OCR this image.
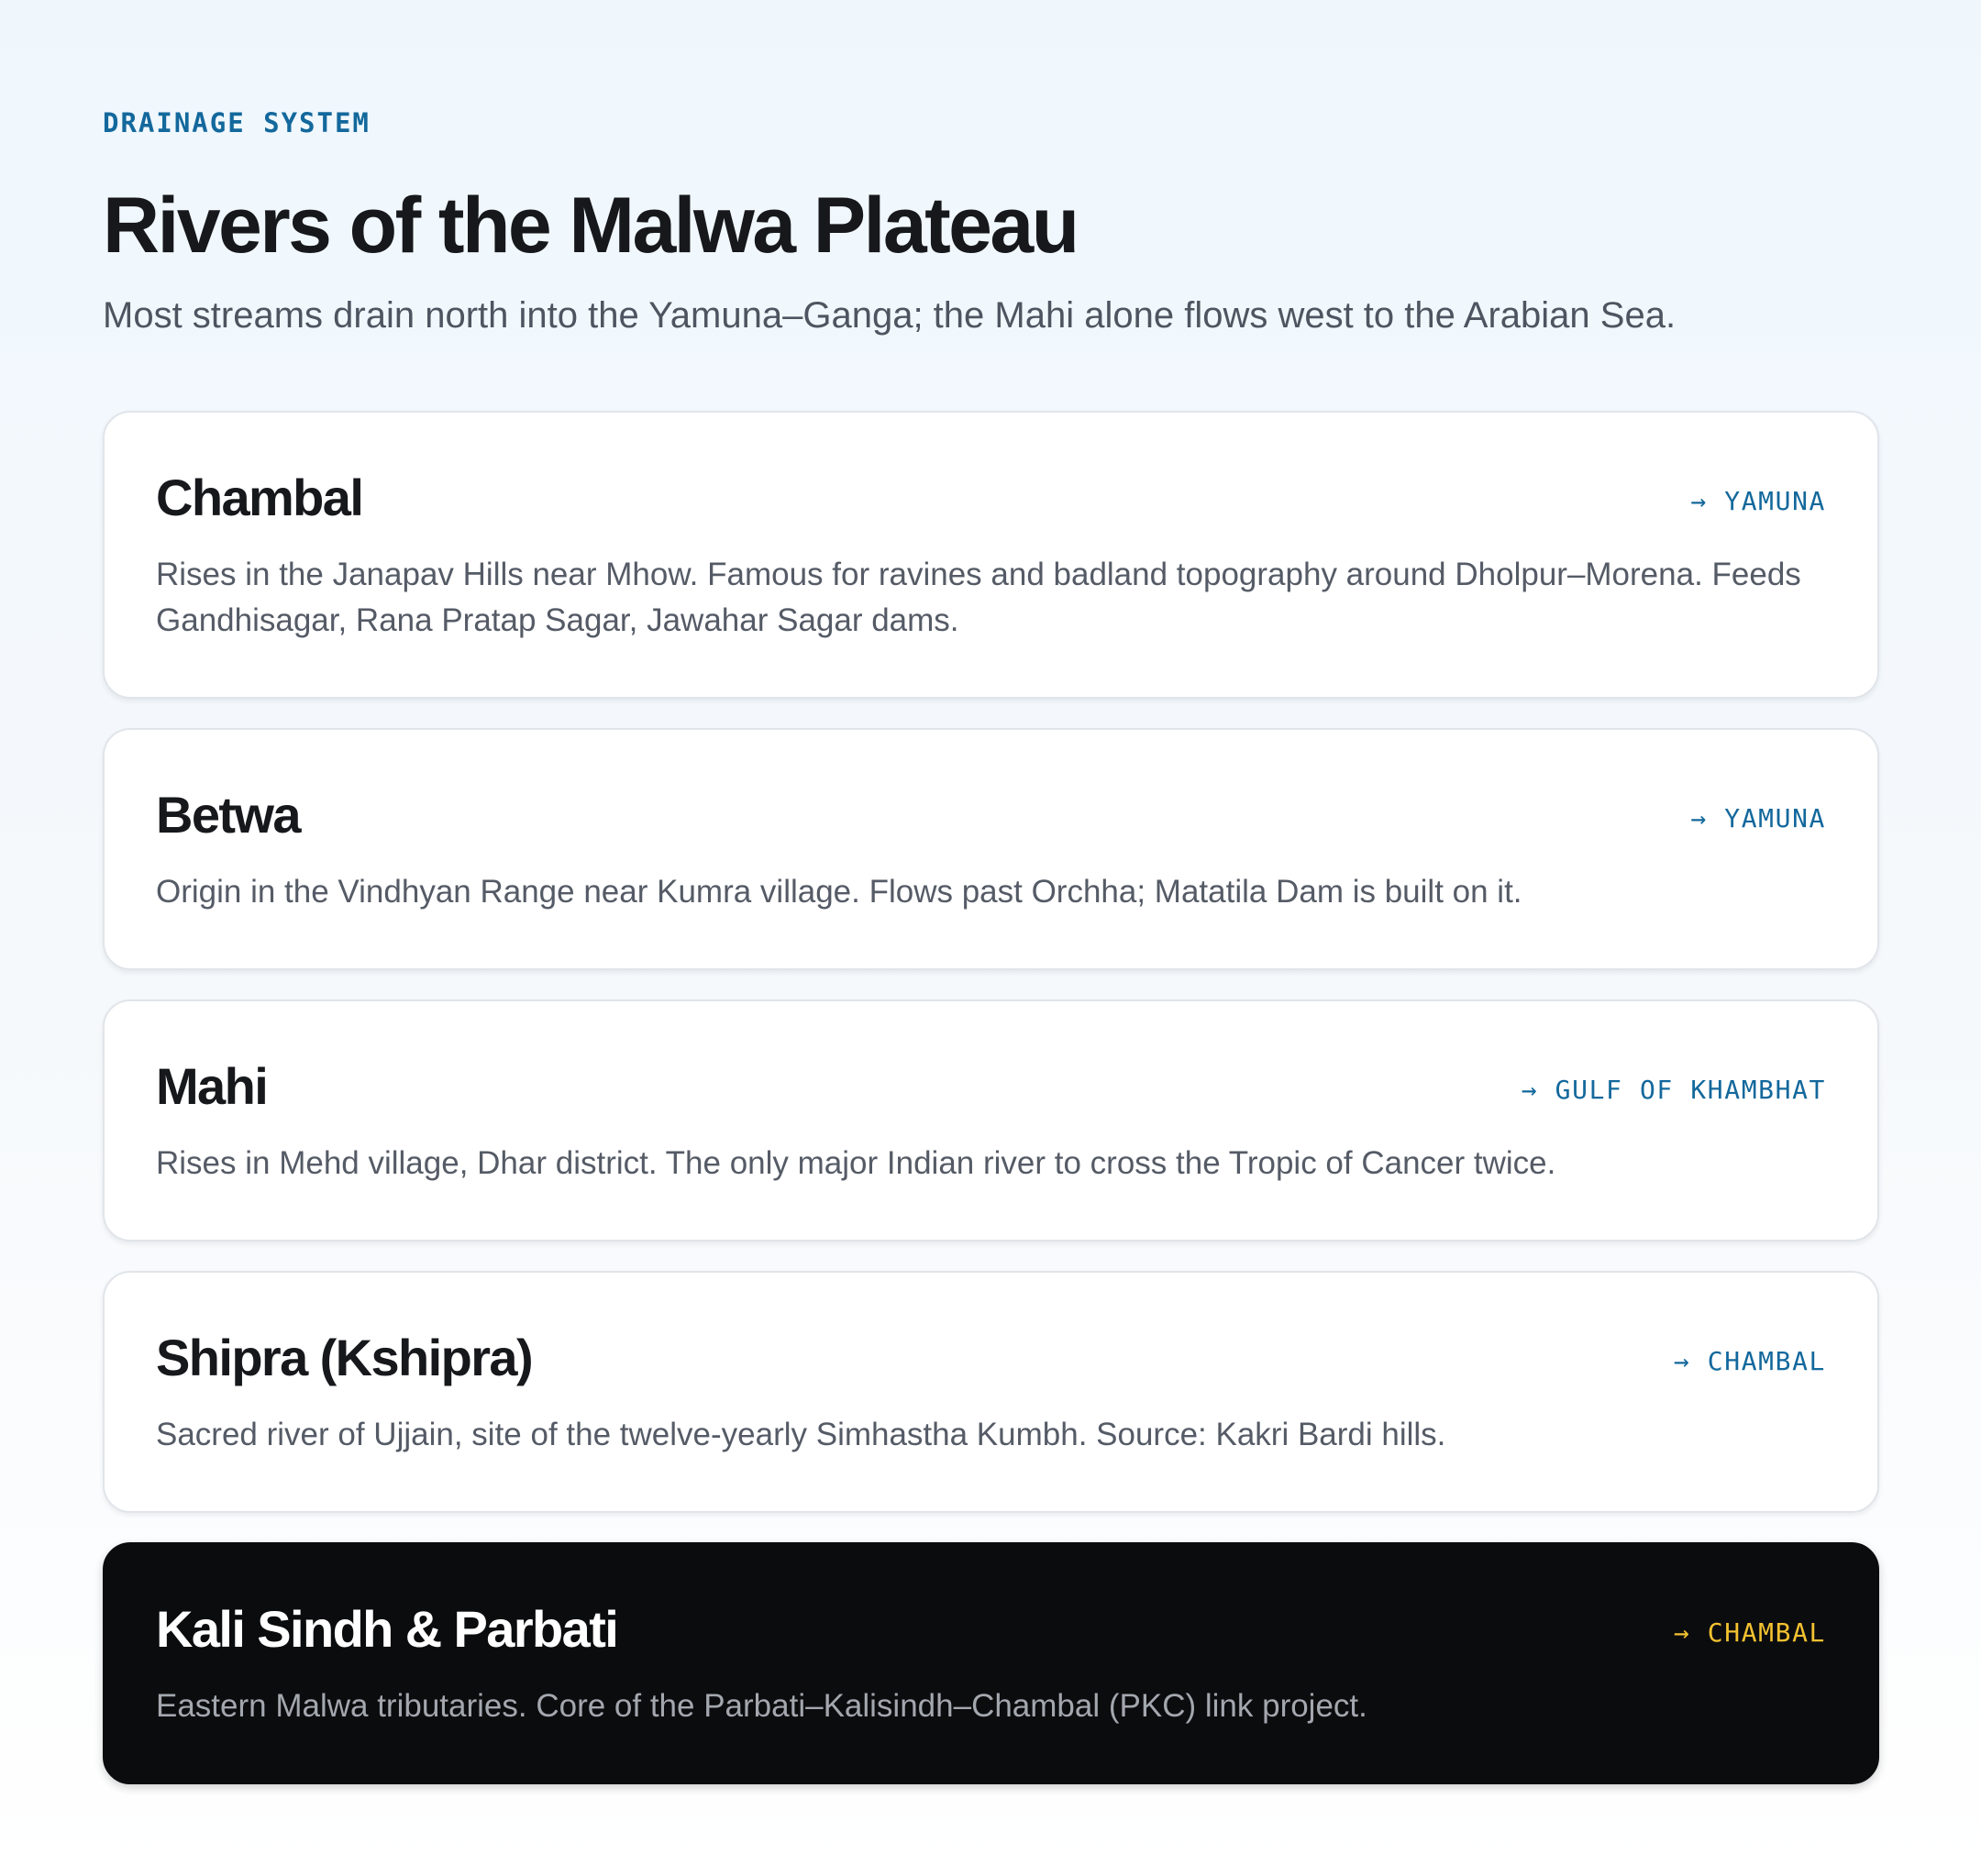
DRAINAGE SYSTEM
Rivers of the Malwa Plateau

Most streams drain north into the Yamuna–Ganga; the Mahi alone flows west to the Arabian Sea.

Chambal	→ YAMUNA
Rises in the Janapav Hills near Mhow. Famous for ravines and badland topography around Dholpur–Morena. Feeds Gandhisagar, Rana Pratap Sagar, Jawahar Sagar dams.
Betwa	→ YAMUNA
Origin in the Vindhyan Range near Kumra village. Flows past Orchha; Matatila Dam is built on it.
Mahi	→ GULF OF KHAMBHAT
Rises in Mehd village, Dhar district. The only major Indian river to cross the Tropic of Cancer twice.
Shipra (Kshipra)	→ CHAMBAL
Sacred river of Ujjain, site of the twelve-yearly Simhastha Kumbh. Source: Kakri Bardi hills.
Kali Sindh & Parbati	→ CHAMBAL
Eastern Malwa tributaries. Core of the Parbati–Kalisindh–Chambal (PKC) link project.
